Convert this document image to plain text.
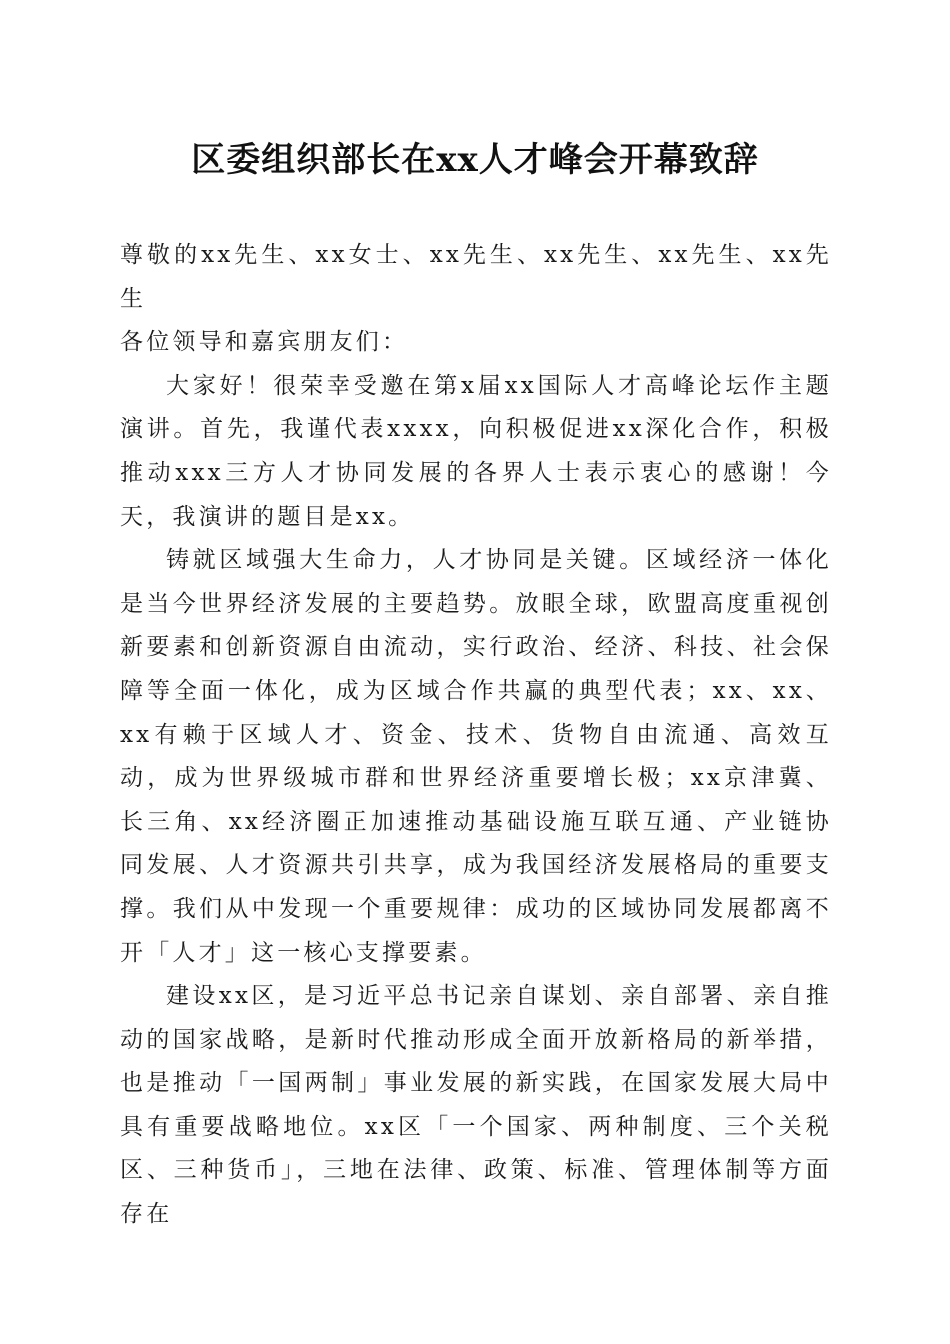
区委组织部长在xx人才峰会开幕致辞

尊敬的xx先生、xx女士、xx先生、xx先生、xx先生、xx先生

各位领导和嘉宾朋友们：

大家好！很荣幸受邀在第x届xx国际人才高峰论坛作主题演讲。首先，我谨代表xxxx，向积极促进xx深化合作，积极推动xxx三方人才协同发展的各界人士表示衷心的感谢！今天，我演讲的题目是xx。

铸就区域强大生命力，人才协同是关键。区域经济一体化是当今世界经济发展的主要趋势。放眼全球，欧盟高度重视创新要素和创新资源自由流动，实行政治、经济、科技、社会保障等全面一体化，成为区域合作共赢的典型代表；xx、xx、xx有赖于区域人才、资金、技术、货物自由流通、高效互动，成为世界级城市群和世界经济重要增长极；xx京津冀、长三角、xx经济圈正加速推动基础设施互联互通、产业链协同发展、人才资源共引共享，成为我国经济发展格局的重要支撑。我们从中发现一个重要规律：成功的区域协同发展都离不开「人才」这一核心支撑要素。

建设xx区，是习近平总书记亲自谋划、亲自部署、亲自推动的国家战略，是新时代推动形成全面开放新格局的新举措，也是推动「一国两制」事业发展的新实践，在国家发展大局中具有重要战略地位。xx区「一个国家、两种制度、三个关税区、三种货币」，三地在法律、政策、标准、管理体制等方面存在
